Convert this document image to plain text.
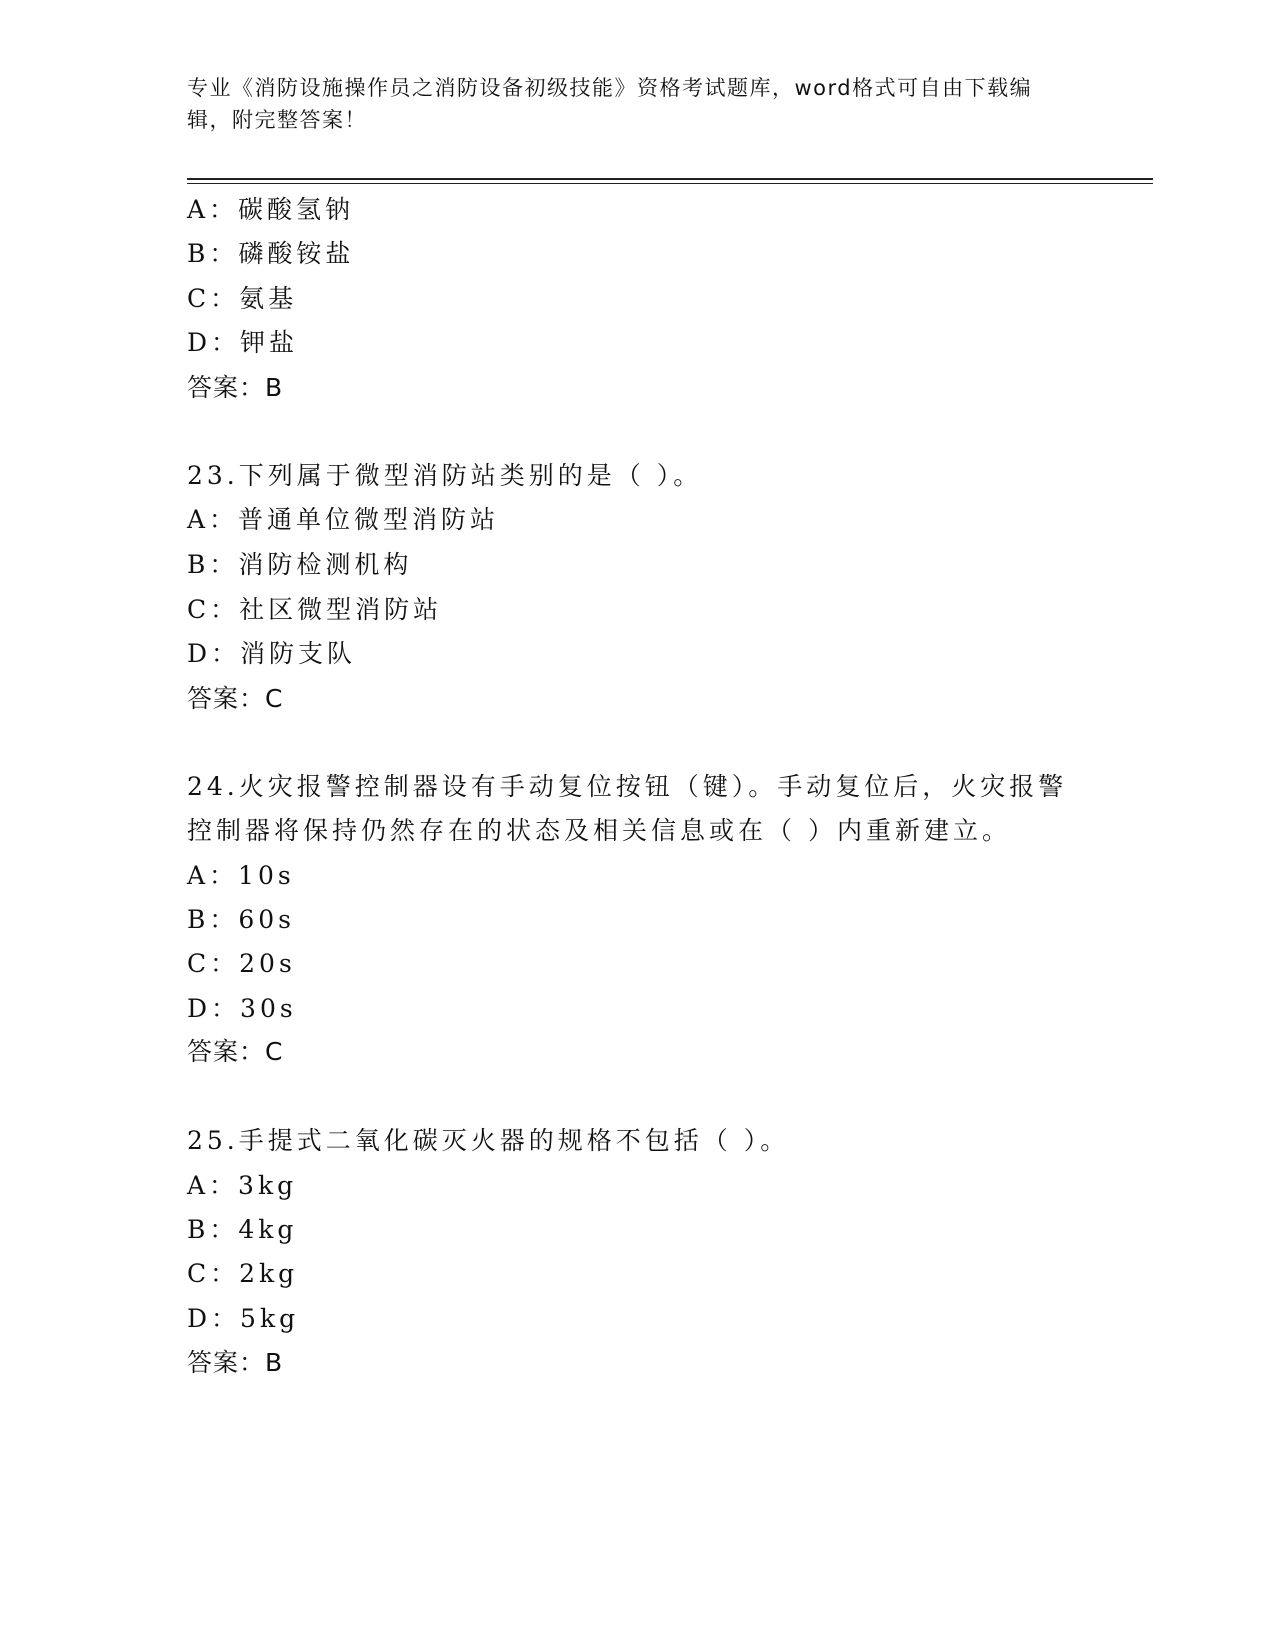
专业《消防设施操作员之消防设备初级技能》资格考试题库，word格式可自由下载编辑，附完整答案！
A：碳酸氢钠
B：磷酸铵盐
C：氨基
D：钾盐
答案：B
23.下列属于微型消防站类别的是（ ）。
A：普通单位微型消防站
B：消防检测机构
C：社区微型消防站
D：消防支队
答案：C
24.火灾报警控制器设有手动复位按钮（键）。手动复位后，火灾报警
控制器将保持仍然存在的状态及相关信息或在（ ）内重新建立。
A：10s
B：60s
C：20s
D：30s
答案：C
25.手提式二氧化碳灭火器的规格不包括（ ）。
A：3kg
B：4kg
C：2kg
D：5kg
答案：B
